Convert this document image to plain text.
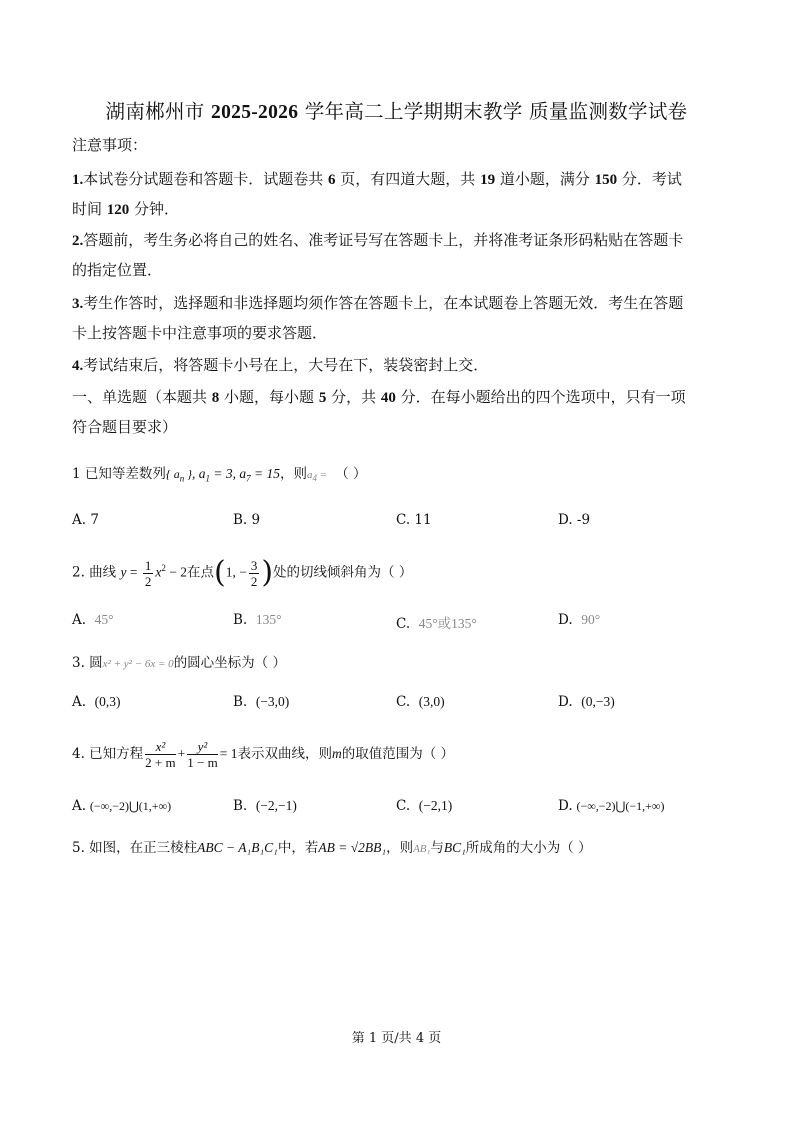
湖南郴州市 2025-2026 学年高二上学期期末教学 质量监测数学试卷
注意事项：
1.本试卷分试题卷和答题卡．试题卷共 6 页，有四道大题，共 19 道小题，满分 150 分．考试
时间 120 分钟．
2.答题前，考生务必将自己的姓名、准考证号写在答题卡上，并将准考证条形码粘贴在答题卡
的指定位置．
3.考生作答时，选择题和非选择题均须作答在答题卡上，在本试题卷上答题无效．考生在答题
卡上按答题卡中注意事项的要求答题．
4.考试结束后，将答题卡小号在上，大号在下，装袋密封上交．
一、单选题（本题共 8 小题，每小题 5 分，共 40 分．在每小题给出的四个选项中，只有一项
符合题目要求）
1 已知等差数列{ $a_n$ }, $a_1 = 3$, $a_7 = 15$，则$a_4$ = （ ）
A. 7	B. 9	C. 11	D. -9
2. 曲线 $y = \frac{1}{2} x^2 - 2$在点(1, − $\frac{3}{2}$ )处的切线倾斜角为（ ）
A. 45°	B. 135°	C. 45°或135°	D. 90°
3. 圆x² + y² − 6x = 0的圆心坐标为（ ）
A. (0,3)	B. (−3,0)	C. (3,0)	D. (0,−3)
4. 已知方程 $\frac{\text{x²}}{2 + m} + \frac{\text{y²}}{1 - m} = 1$表示双曲线，则m的取值范围为（ ）
A. (−∞,−2)⋃(1,+∞)	B. (−2,−1)	C. (−2,1)	D. (−∞,−2)⋃(−1,+∞)
5. 如图，在正三棱柱ABC − A₁B₁C₁中，若AB = √2BB₁，则AB₁与BC₁所成角的大小为（ ）
第 1 页/共 4 页
